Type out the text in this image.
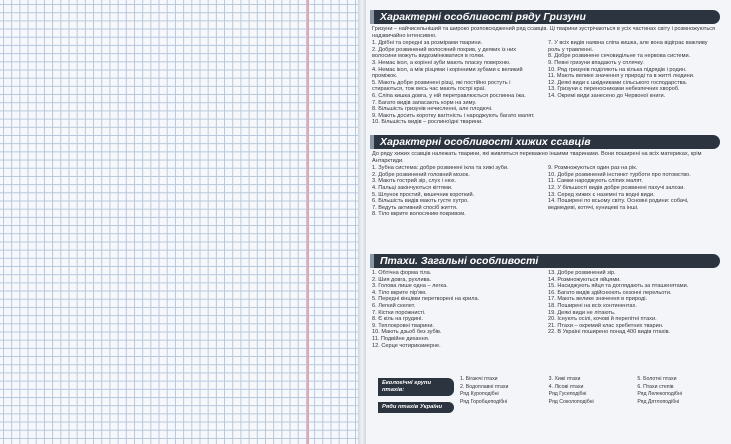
Характерні особливості ряду Гризуни
Гризуни – найчисельніший та широко розповсюджений ряд ссавців. Ці тварини зустрічаються в усіх частинах світу і розмножуються надзвичайно інтенсивно.

1. Дрібні та середні за розмірами тварини.

2. Добре розвинений волосяний покрив, у деяких із них волосини можуть видозмінюватися в голки.

3. Немає ікол, а корінні зуби мають пласку поверхню.

4. Немає ікол, а між різцями і корінними зубами є великий проміжок.

5. Мають добре розвинені різці, які постійно ростуть і стираються, тож весь час мають гострі краї.

6. Сліпа кишка довга, у ній перетравлюється рослинна їжа.

7. Багато видів запасають корм на зиму.

8. Більшість гризунів нечисленні, але плодючі.

9. Мають досить коротку вагітність і народжують багато малят.

10. Більшість видів – рослиноїдні тварини.

7. У всіх видів наявна сліпа кишка, але вона відіграє важливу роль у травленні.

8. Добре розвинене сечовидільне та нервова системи.

9. Певні гризуни впадають у сплячку.

10. Ряд гризунів поділяють на кілька підрядів і родин.

11. Мають велике значення у природі та в житті людини.

12. Деякі види є шкідниками сільського господарства.

13. Гризуни є переносниками небезпечних хвороб.

14. Окремі види занесено до Червоної книги.

Характерні особливості хижих ссавців
До ряду хижих ссавців належать тварини, які живляться переважно іншими тваринами. Вони поширені на всіх материках, крім Антарктиди.

1. Зубна система: добре розвинені ікла та хижі зуби.

2. Добре розвинений головний мозок.

3. Мають гострий зір, слух і нюх.

4. Пальці закінчуються кігтями.

5. Шлунок простий, кишечник короткий.

6. Більшість видів мають густе хутро.

7. Ведуть активний спосіб життя.

8. Тіло вкрите волосяним покривом.

9. Розмножуються один раз на рік.

10. Добре розвинений інстинкт турботи про потомство.

11. Самки народжують сліпих малят.

12. У більшості видів добре розвинені пахучі залози.

13. Серед хижих є наземні та водні види.

14. Поширені по всьому світу. Основні родини: собачі, ведмедеві, котячі, куницеві та інші.

Птахи. Загальні особливості

1. Обтічна форма тіла.

2. Шия довга, рухлива.

3. Голова лише одна – легка.

4. Тіло вкрите пір'ям.

5. Передні кінцівки перетворені на крила.

6. Легкий скелет.

7. Кістки порожнисті.

8. Є кіль на грудині.

9. Теплокровні тварини.

10. Мають дзьоб без зубів.

11. Подвійне дихання.

12. Серце чотирикамерне.

13. Добре розвинений зір.

14. Розмножуються яйцями.

15. Насиджують яйця та доглядають за пташенятами.

16. Багато видів здійснюють сезонні перельоти.

17. Мають велике значення в природі.

18. Поширені на всіх континентах.

19. Деякі види не літають.

20. Існують осілі, кочові й перелітні птахи.

21. Птахи – окремий клас хребетних тварин.

22. В Україні поширено понад 400 видів птахів.

Екологічні групи птахів:
Ряди птахів України

1. Бігаючі птахи

2. Водоплавні птахи

Ряд Куроподібні

Ряд Горобцеподібні

3. Хижі птахи

4. Лісові птахи

Ряд Гусеподібні

Ряд Соколоподібні

5. Болотні птахи

6. Птахи степів

Ряд Лелекоподібні

Ряд Дятлоподібні
